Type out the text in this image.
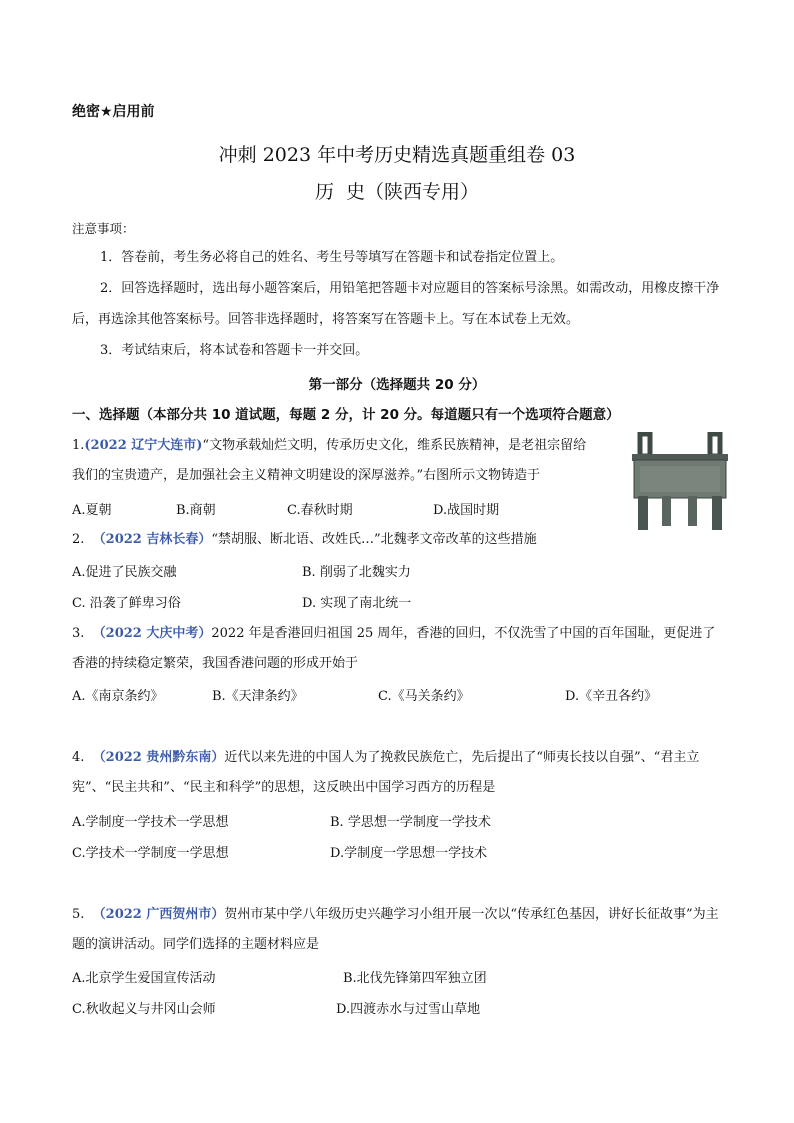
绝密★启用前
冲刺 2023 年中考历史精选真题重组卷 03
历  史（陕西专用）
注意事项：

1．答卷前，考生务必将自己的姓名、考生号等填写在答题卡和试卷指定位置上。

2．回答选择题时，选出每小题答案后，用铅笔把答题卡对应题目的答案标号涂黑。如需改动，用橡皮擦干净后，再选涂其他答案标号。回答非选择题时，将答案写在答题卡上。写在本试卷上无效。

3．考试结束后，将本试卷和答题卡一并交回。

第一部分（选择题共 20 分）
一、选择题（本部分共 10 道试题，每题 2 分，计 20 分。每道题只有一个选项符合题意）
1.(2022 辽宁大连市)“文物承载灿烂文明，传承历史文化，维系民族精神，是老祖宗留给
我们的宝贵遗产，是加强社会主义精神文明建设的深厚滋养。”右图所示文物铸造于
A.夏朝	B.商朝	C.春秋时期	D.战国时期
2. （2022 吉林长春）“禁胡服、断北语、改姓氏…”北魏孝文帝改革的这些措施
A.促进了民族交融	B. 削弱了北魏实力
C. 沿袭了鲜卑习俗	D. 实现了南北统一
3. （2022 大庆中考）2022 年是香港回归祖国 25 周年，香港的回归，不仅洗雪了中国的百年国耻，更促进了香港的持续稳定繁荣，我国香港问题的形成开始于
A.《南京条约》	B.《天津条约》	C.《马关条约》	D.《辛丑各约》
4. （2022 贵州黔东南）近代以来先进的中国人为了挽救民族危亡，先后提出了“师夷长技以自强”、“君主立宪”、“民主共和”、“民主和科学”的思想，这反映出中国学习西方的历程是
A.学制度一学技术一学思想	B. 学思想一学制度一学技术
C.学技术一学制度一学思想	D.学制度一学思想一学技术
5. （2022 广西贺州市）贺州市某中学八年级历史兴趣学习小组开展一次以“传承红色基因，讲好长征故事”为主题的演讲活动。同学们选择的主题材料应是
A.北京学生爱国宣传活动	B.北伐先锋第四军独立团
C.秋收起义与井冈山会师	D.四渡赤水与过雪山草地
